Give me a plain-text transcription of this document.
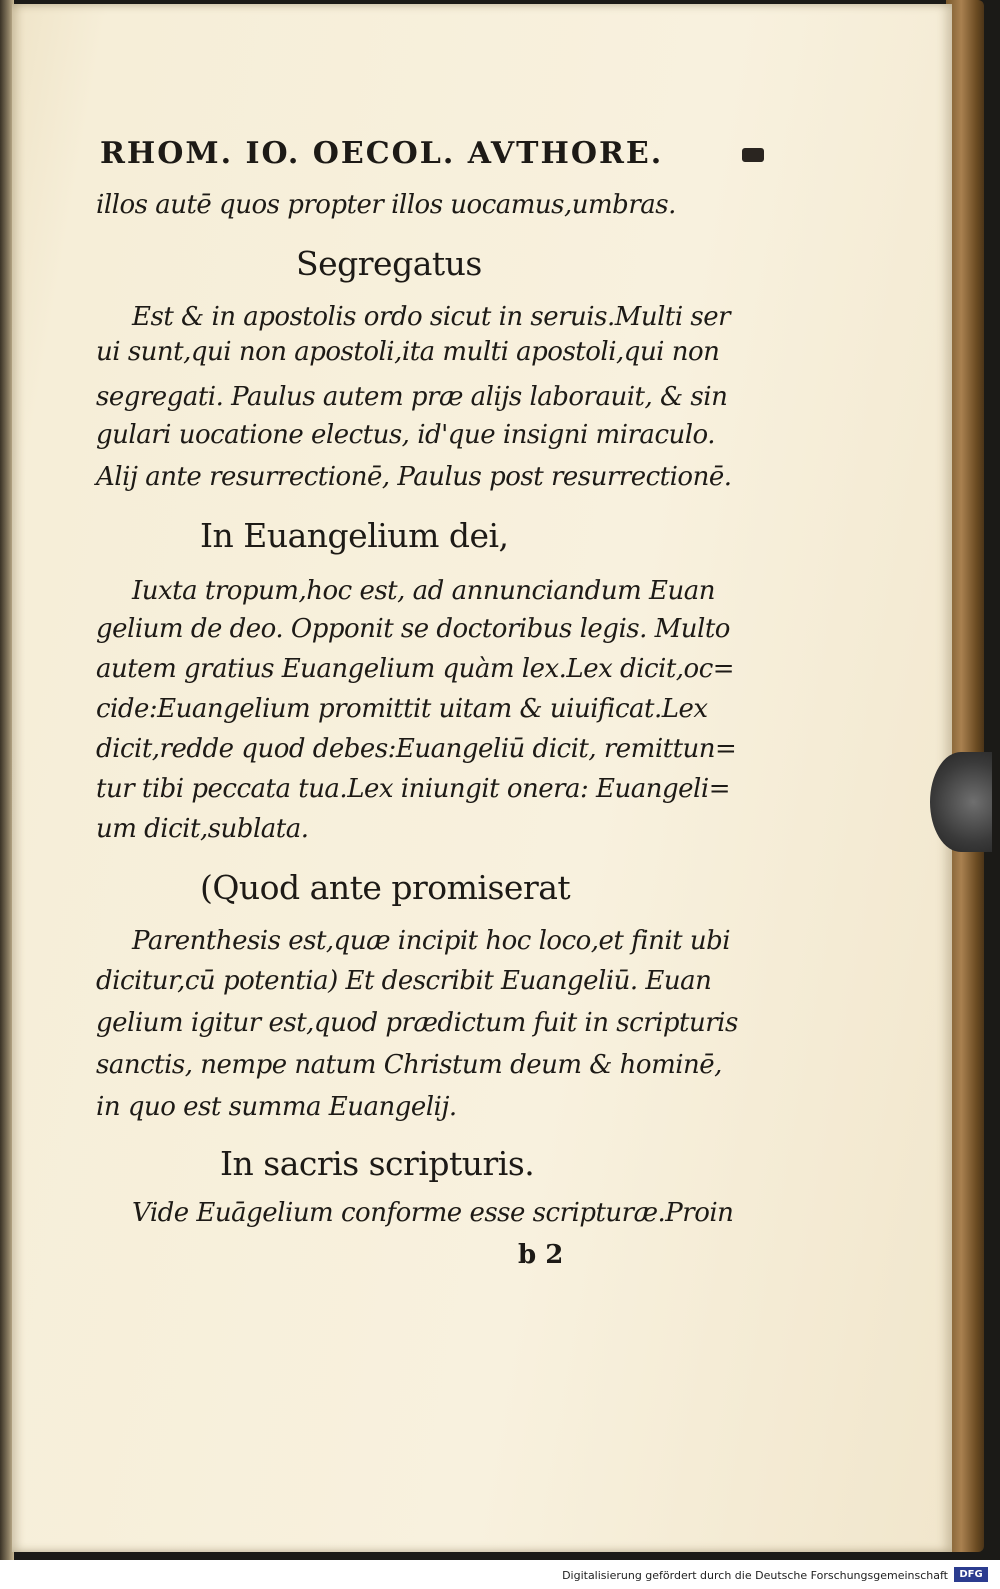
RHOM. IO. OECOL. AVTHORE.
illos autē quos propter illos uocamus,umbras.
Segregatus
Est & in apostolis ordo sicut in seruis.Multi ser
ui sunt,qui non apostoli,ita multi apostoli,qui non
segregati. Paulus autem præ alijs laborauit, & sin
gulari uocatione electus, id'que insigni miraculo.
Alij ante resurrectionē, Paulus post resurrectionē.
In Euangelium dei,
Iuxta tropum,hoc est, ad annunciandum Euan
gelium de deo. Opponit se doctoribus legis. Multo
autem gratius Euangelium quàm lex.Lex dicit,oc=
cide:Euangelium promittit uitam & uiuificat.Lex
dicit,redde quod debes:Euangeliū dicit, remittun=
tur tibi peccata tua.Lex iniungit onera: Euangeli=
um dicit,sublata.
(Quod ante promiserat
Parenthesis est,quæ incipit hoc loco,et finit ubi
dicitur,cū potentia) Et describit Euangeliū. Euan
gelium igitur est,quod prædictum fuit in scripturis
sanctis, nempe natum Christum deum & hominē,
in quo est summa Euangelij.
In sacris scripturis.
Vide Euāgelium conforme esse scripturæ.Proin
b 2
Digitalisierung gefördert durch die Deutsche Forschungsgemeinschaft	DFG
